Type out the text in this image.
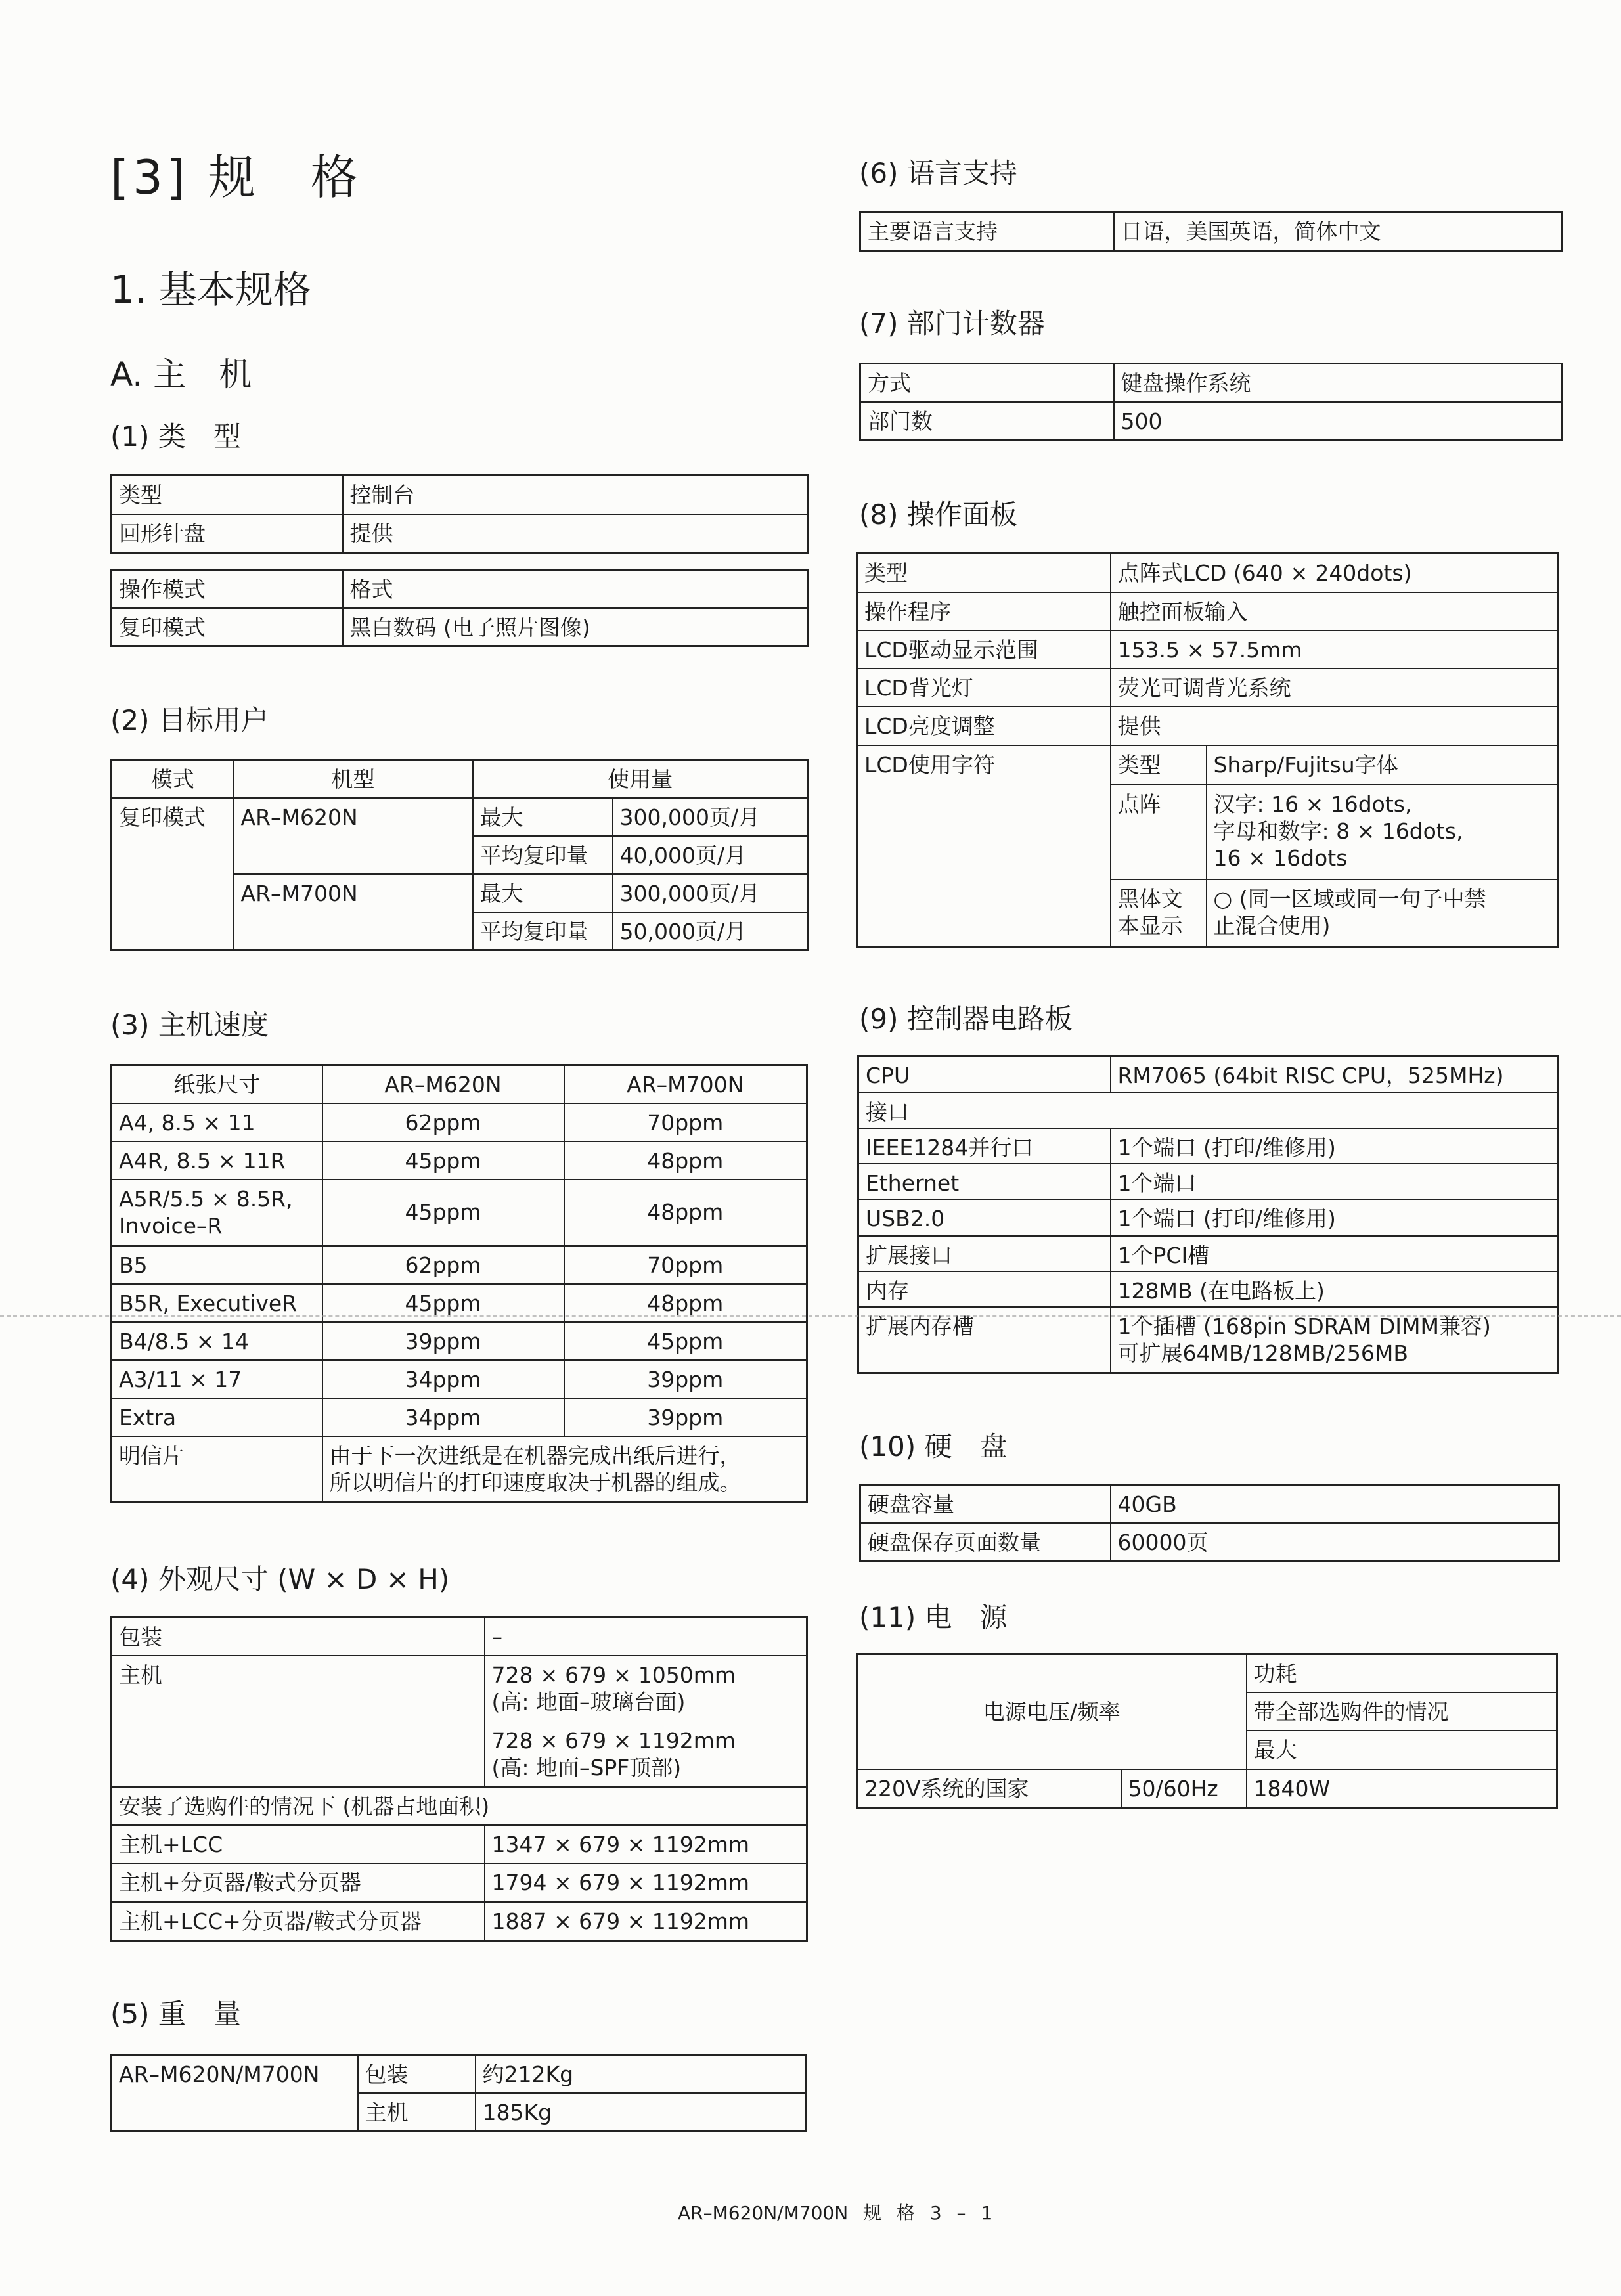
[3] 规　格
1. 基本规格
A. 主　机
(1) 类　型
类型	控制台
回形针盘	提供
操作模式	格式
复印模式	黑白数码 (电子照片图像)
(2) 目标用户
模式	机型	使用量	
复印模式	AR–M620N	最大	300,000页/月
		平均复印量	40,000页/月
	AR–M700N	最大	300,000页/月
		平均复印量	50,000页/月
(3) 主机速度
纸张尺寸	AR–M620N	AR–M700N
A4, 8.5 × 11	62ppm	70ppm
A4R, 8.5 × 11R	45ppm	48ppm

A5R/5.5 × 8.5R,
Invoice–R	45ppm	48ppm
B5	62ppm	70ppm
B5R, ExecutiveR	45ppm	48ppm
B4/8.5 × 14	39ppm	45ppm
A3/11 × 17	34ppm	39ppm
Extra	34ppm	39ppm
明信片	由于下一次进纸是在机器完成出纸后进行，
所以明信片的打印速度取决于机器的组成。	
(4) 外观尺寸 (W × D × H)
包装	–
主机	728 × 679 × 1050mm
(高: 地面–玻璃台面)
728 × 679 × 1192mm
(高: 地面–SPF顶部)

安装了选购件的情况下 (机器占地面积)	
主机+LCC	1347 × 679 × 1192mm
主机+分页器/鞍式分页器	1794 × 679 × 1192mm
主机+LCC+分页器/鞍式分页器	1887 × 679 × 1192mm
(5) 重　量
AR–M620N/M700N	包装	约212Kg
	主机	185Kg
(6) 语言支持
主要语言支持	日语，美国英语，简体中文
(7) 部门计数器
方式	键盘操作系统
部门数	500
(8) 操作面板
类型	点阵式LCD (640 × 240dots)	
操作程序	触控面板输入	
LCD驱动显示范围	153.5 × 57.5mm	
LCD背光灯	荧光可调背光系统	
LCD亮度调整	提供	
LCD使用字符	类型	Sharp/Fujitsu字体
	点阵	汉字: 16 × 16dots,
字母和数字: 8 × 16dots,
16 × 16dots

	黑体文
本显示	○ (同一区域或同一句子中禁
止混合使用)
(9) 控制器电路板
CPU	RM7065 (64bit RISC CPU，525MHz)
接口	
IEEE1284并行口	1个端口 (打印/维修用)
Ethernet	1个端口
USB2.0	1个端口 (打印/维修用)
扩展接口	1个PCI槽
内存	128MB (在电路板上)
扩展内存槽	1个插槽 (168pin SDRAM DIMM兼容)
可扩展64MB/128MB/256MB
(10) 硬　盘
硬盘容量	40GB
硬盘保存页面数量	60000页
(11) 电　源
电源电压/频率		功耗
		带全部选购件的情况
		最大
220V系统的国家	50/60Hz	1840W
AR–M620N/M700N 规 格 3 – 1
